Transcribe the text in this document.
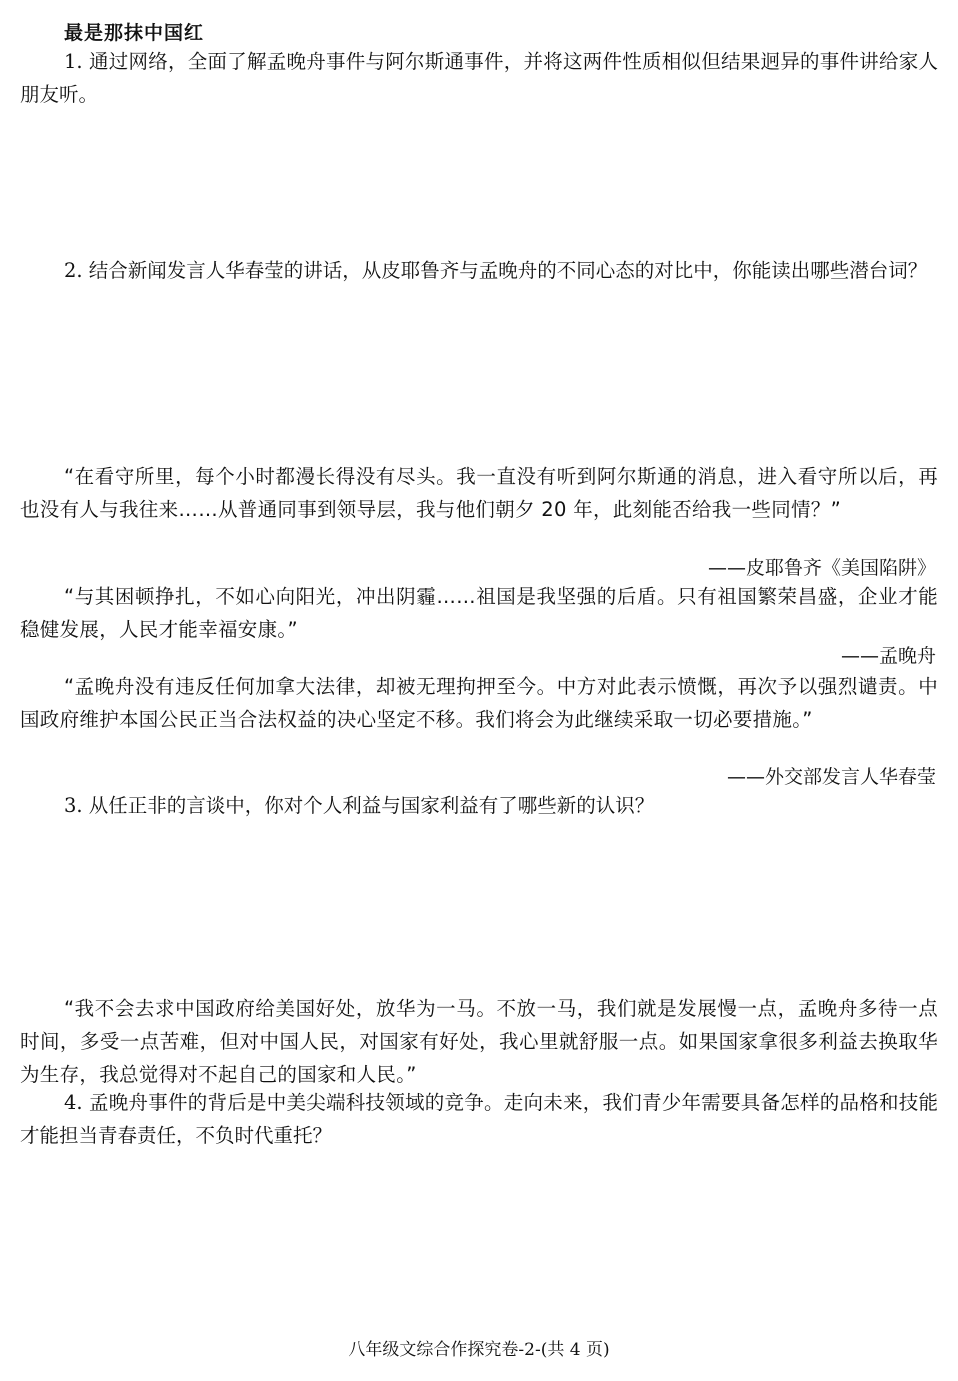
最是那抹中国红

1. 通过网络，全面了解孟晚舟事件与阿尔斯通事件，并将这两件性质相似但结果迥异的事件讲给家人朋友听。

2. 结合新闻发言人华春莹的讲话，从皮耶鲁齐与孟晚舟的不同心态的对比中，你能读出哪些潜台词？

“在看守所里，每个小时都漫长得没有尽头。我一直没有听到阿尔斯通的消息，进入看守所以后，再也没有人与我往来……从普通同事到领导层，我与他们朝夕 20 年，此刻能否给我一些同情？”

——皮耶鲁齐《美国陷阱》

“与其困顿挣扎，不如心向阳光，冲出阴霾……祖国是我坚强的后盾。只有祖国繁荣昌盛，企业才能稳健发展，人民才能幸福安康。”

——孟晚舟

“孟晚舟没有违反任何加拿大法律，却被无理拘押至今。中方对此表示愤慨，再次予以强烈谴责。中国政府维护本国公民正当合法权益的决心坚定不移。我们将会为此继续采取一切必要措施。”

——外交部发言人华春莹

3. 从任正非的言谈中，你对个人利益与国家利益有了哪些新的认识？

“我不会去求中国政府给美国好处，放华为一马。不放一马，我们就是发展慢一点，孟晚舟多待一点时间，多受一点苦难，但对中国人民，对国家有好处，我心里就舒服一点。如果国家拿很多利益去换取华为生存，我总觉得对不起自己的国家和人民。”

4. 孟晚舟事件的背后是中美尖端科技领域的竞争。走向未来，我们青少年需要具备怎样的品格和技能才能担当青春责任，不负时代重托？

八年级文综合作探究卷-2-(共 4 页)
